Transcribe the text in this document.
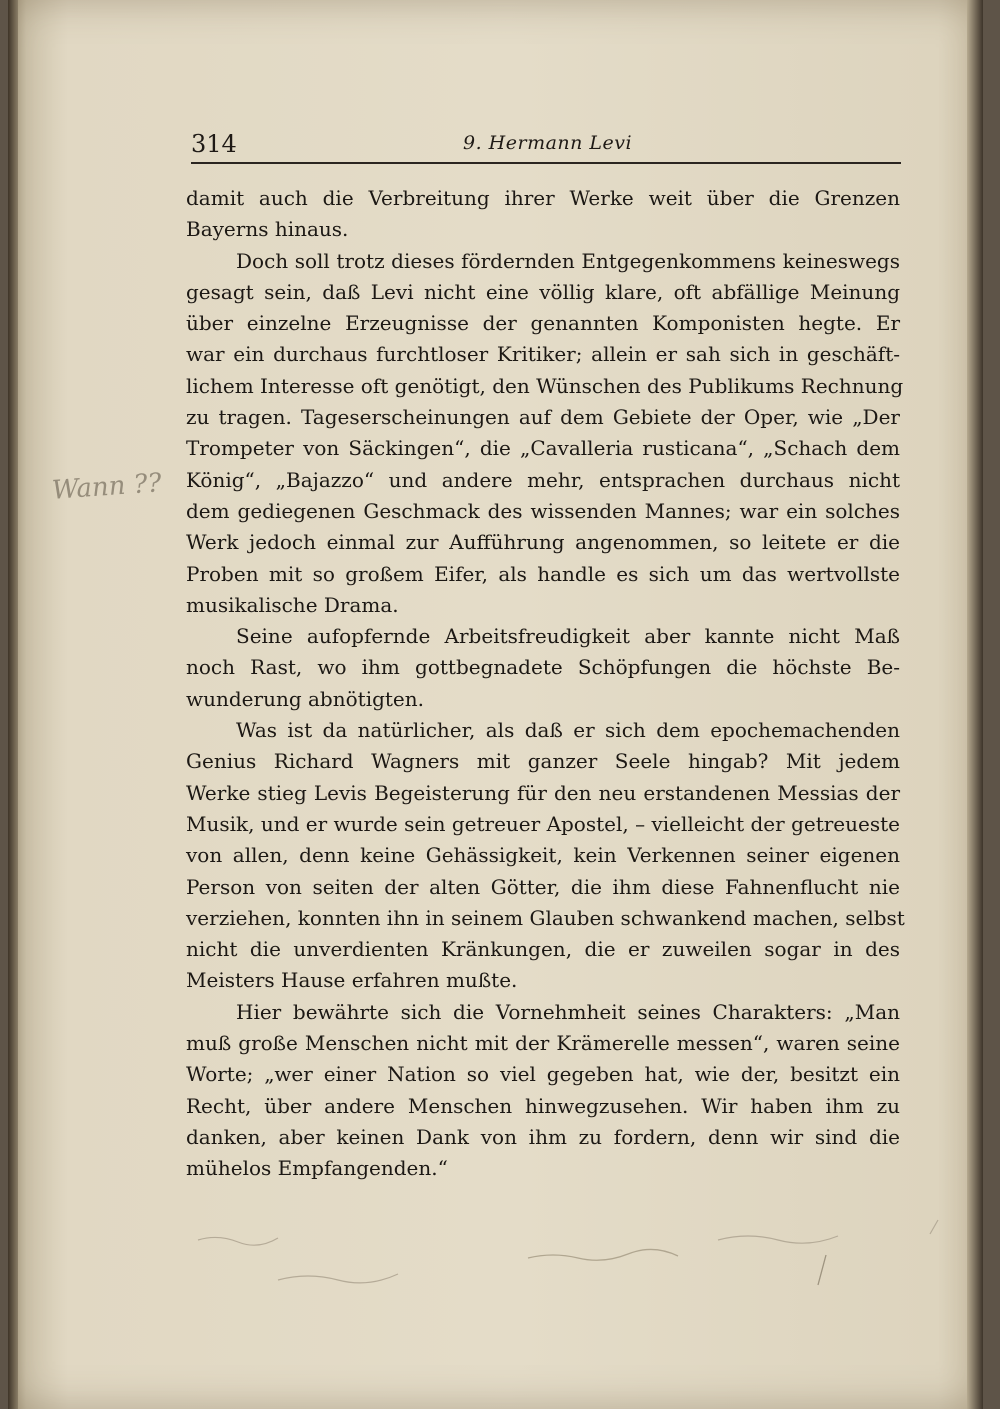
314	9. Hermann Levi
Wann ??
damit auch die Verbreitung ihrer Werke weit über die Grenzen
Bayerns hinaus.
Doch soll trotz dieses fördernden Entgegenkommens keineswegs
gesagt sein, daß Levi nicht eine völlig klare, oft abfällige Meinung
über einzelne Erzeugnisse der genannten Komponisten hegte. Er
war ein durchaus furchtloser Kritiker; allein er sah sich in geschäft-
lichem Interesse oft genötigt, den Wünschen des Publikums Rechnung
zu tragen. Tageserscheinungen auf dem Gebiete der Oper, wie „Der
Trompeter von Säckingen“, die „Cavalleria rusticana“, „Schach dem
König“, „Bajazzo“ und andere mehr, entsprachen durchaus nicht
dem gediegenen Geschmack des wissenden Mannes; war ein solches
Werk jedoch einmal zur Aufführung angenommen, so leitete er die
Proben mit so großem Eifer, als handle es sich um das wertvollste
musikalische Drama.
Seine aufopfernde Arbeitsfreudigkeit aber kannte nicht Maß
noch Rast, wo ihm gottbegnadete Schöpfungen die höchste Be-
wunderung abnötigten.
Was ist da natürlicher, als daß er sich dem epochemachenden
Genius Richard Wagners mit ganzer Seele hingab? Mit jedem
Werke stieg Levis Begeisterung für den neu erstandenen Messias der
Musik, und er wurde sein getreuer Apostel, – vielleicht der getreueste
von allen, denn keine Gehässigkeit, kein Verkennen seiner eigenen
Person von seiten der alten Götter, die ihm diese Fahnenflucht nie
verziehen, konnten ihn in seinem Glauben schwankend machen, selbst
nicht die unverdienten Kränkungen, die er zuweilen sogar in des
Meisters Hause erfahren mußte.
Hier bewährte sich die Vornehmheit seines Charakters: „Man
muß große Menschen nicht mit der Krämerelle messen“, waren seine
Worte; „wer einer Nation so viel gegeben hat, wie der, besitzt ein
Recht, über andere Menschen hinwegzusehen. Wir haben ihm zu
danken, aber keinen Dank von ihm zu fordern, denn wir sind die
mühelos Empfangenden.“
